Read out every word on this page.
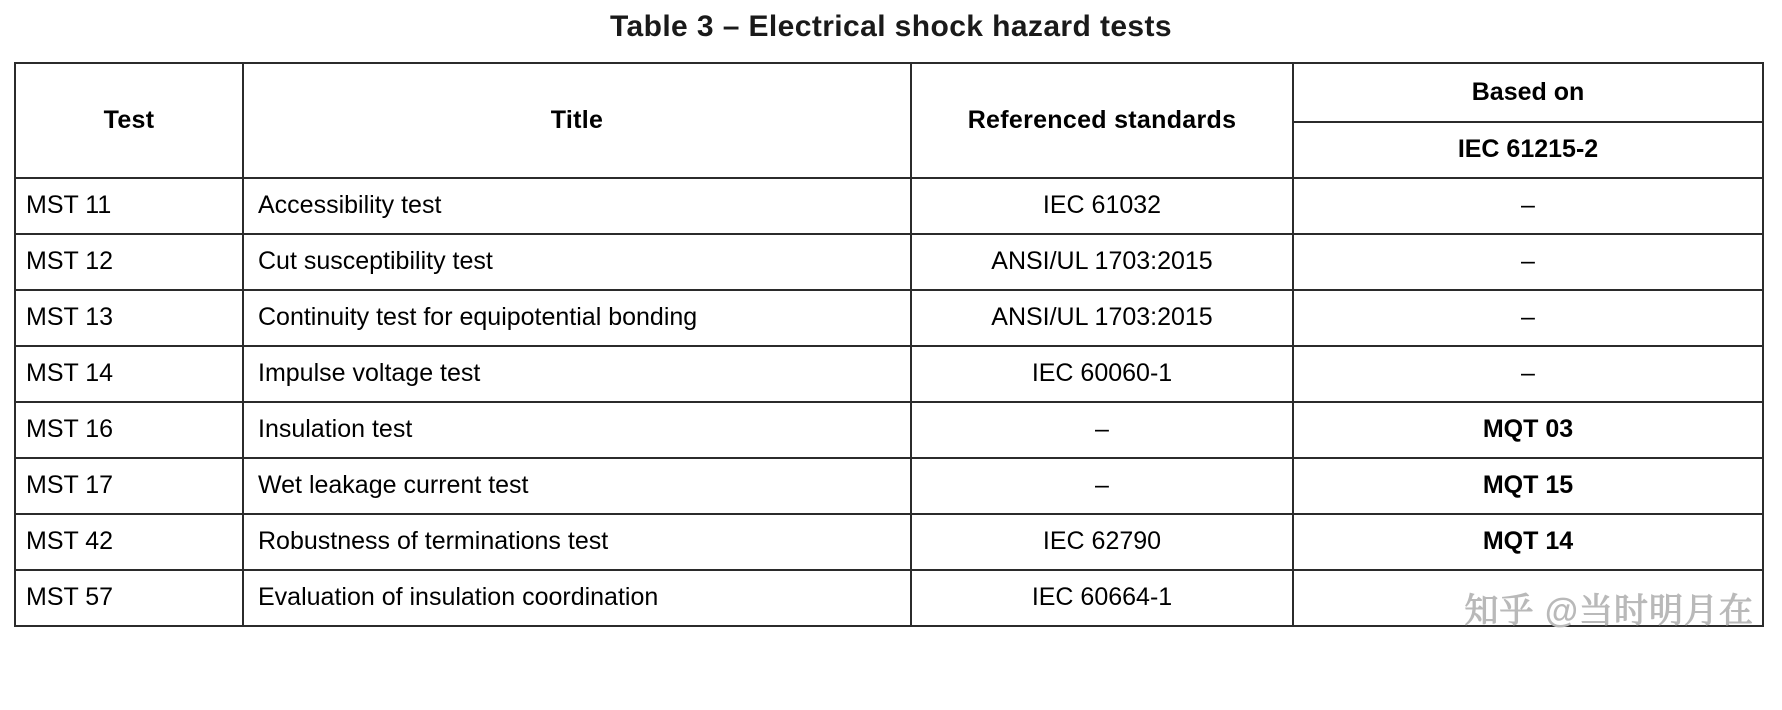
Table 3 – Electrical shock hazard tests
Test	Title	Referenced standards	Based on
IEC 61215-2

MST 11	Accessibility test	IEC 61032	–

MST 12	Cut susceptibility test	ANSI/UL 1703:2015	–

MST 13	Continuity test for equipotential bonding	ANSI/UL 1703:2015	–

MST 14	Impulse voltage test	IEC 60060-1	–

MST 16	Insulation test	–	MQT 03

MST 17	Wet leakage current test	–	MQT 15

MST 42	Robustness of terminations test	IEC 62790	MQT 14

MST 57	Evaluation of insulation coordination	IEC 60664-1	
		知乎 @当时明月在
